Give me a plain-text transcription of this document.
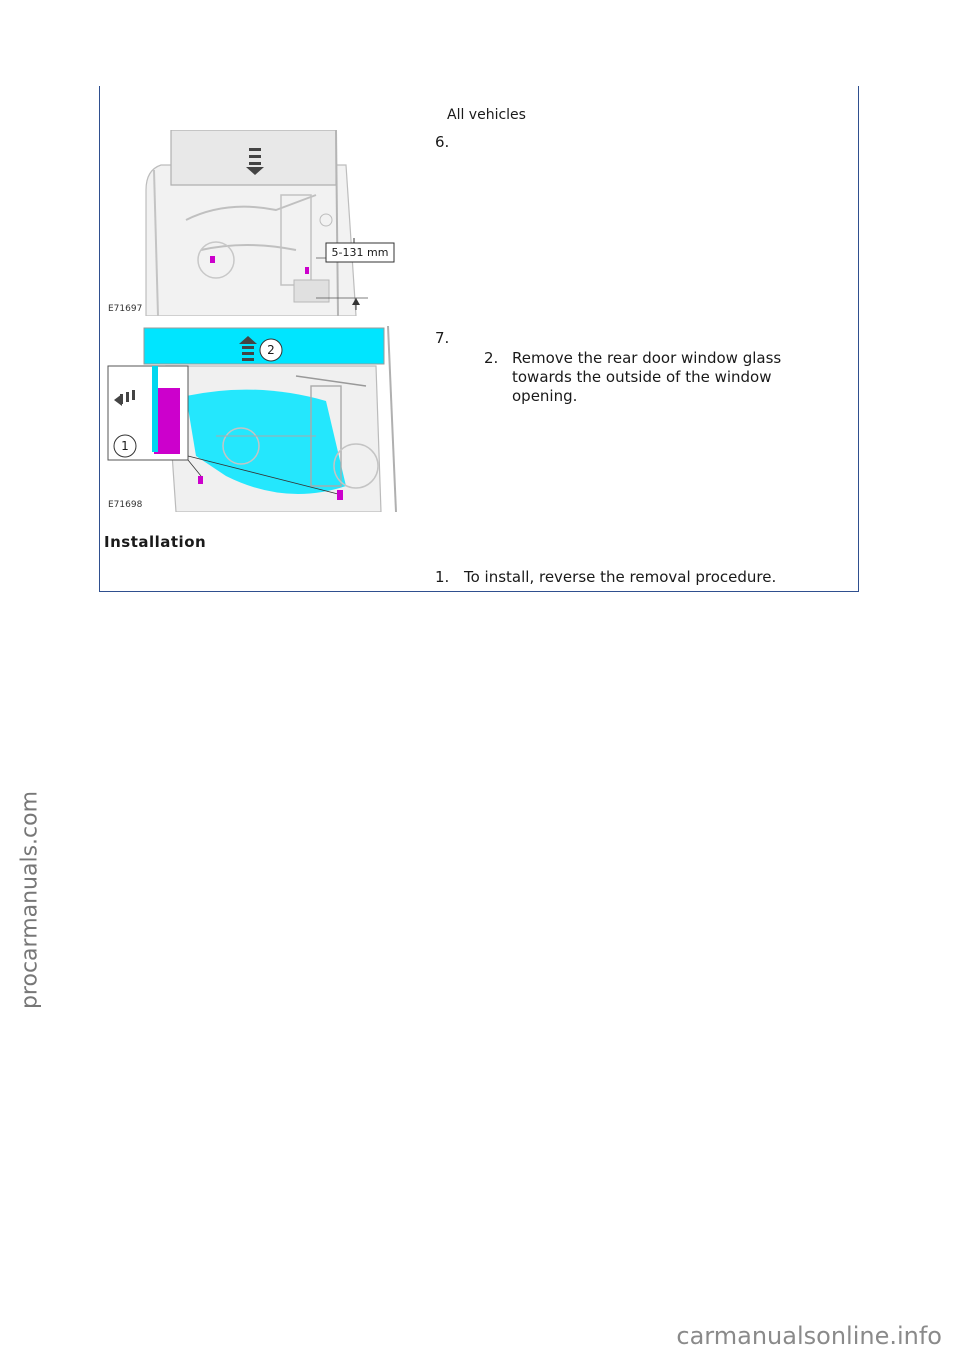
All vehicles
5-131 mm
E71697
6.
1
2
E71698
7.
2. Remove the rear door window glass
towards the outside of the window
opening.
Installation
1. To install, reverse the removal procedure.
procarmanuals.com
carmanualsonline.info
